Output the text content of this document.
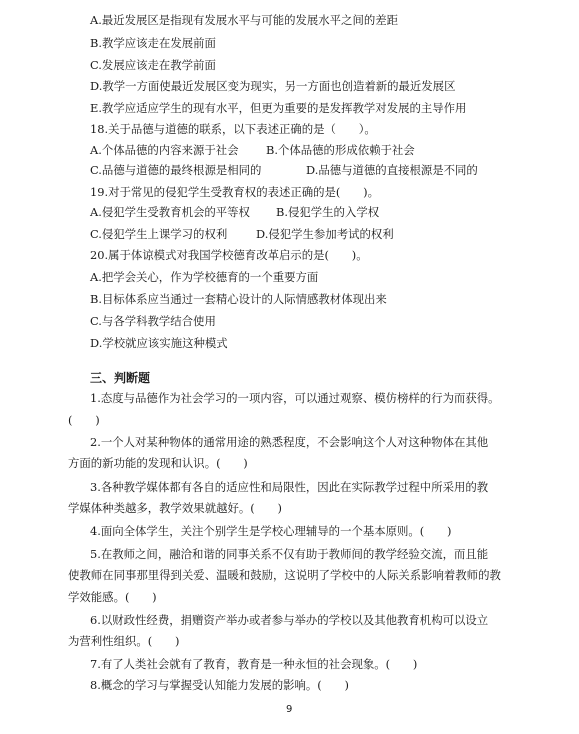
A.最近发展区是指现有发展水平与可能的发展水平之间的差距
B.教学应该走在发展前面
C.发展应该走在教学前面
D.教学一方面使最近发展区变为现实，另一方面也创造着新的最近发展区
E.教学应适应学生的现有水平，但更为重要的是发挥教学对发展的主导作用
18.关于品德与道德的联系，以下表述正确的是（　　）。
A.个体品德的内容来源于社会 B.个体品德的形成依赖于社会
C.品德与道德的最终根源是相同的	D.品德与道德的直接根源是不同的
19.对于常见的侵犯学生受教育权的表述正确的是(　　)。
A.侵犯学生受教育机会的平等权 B.侵犯学生的入学权
C.侵犯学生上课学习的权利	D.侵犯学生参加考试的权利
20.属于体谅模式对我国学校德育改革启示的是(　　)。
A.把学会关心，作为学校德育的一个重要方面
B.目标体系应当通过一套精心设计的人际情感教材体现出来
C.与各学科教学结合使用
D.学校就应该实施这种模式
三、判断题
1.态度与品德作为社会学习的一项内容，可以通过观察、模仿榜样的行为而获得。
(　　)
2.一个人对某种物体的通常用途的熟悉程度，不会影响这个人对这种物体在其他
方面的新功能的发现和认识。(　　)
3.各种教学媒体都有各自的适应性和局限性，因此在实际教学过程中所采用的教
学媒体种类越多，教学效果就越好。(　　)
4.面向全体学生，关注个别学生是学校心理辅导的一个基本原则。(　　)
5.在教师之间，融洽和谐的同事关系不仅有助于教师间的教学经验交流，而且能
使教师在同事那里得到关爱、温暖和鼓励，这说明了学校中的人际关系影响着教师的教
学效能感。(　　)
6.以财政性经费，捐赠资产举办或者参与举办的学校以及其他教育机构可以设立
为营利性组织。(　　)
7.有了人类社会就有了教育，教育是一种永恒的社会现象。(　　)
8.概念的学习与掌握受认知能力发展的影响。(　　)
9
